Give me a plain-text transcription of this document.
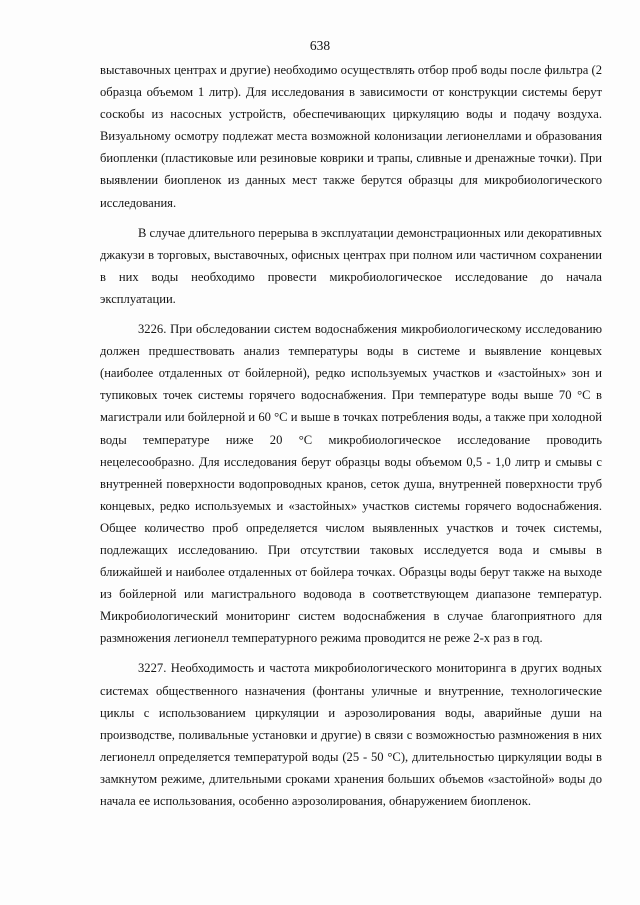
638

выставочных центрах и другие) необходимо осуществлять отбор проб воды после фильтра (2 образца объемом 1 литр). Для исследования в зависимости от конструкции системы берут соскобы из насосных устройств, обеспечивающих циркуляцию воды и подачу воздуха. Визуальному осмотру подлежат места возможной колонизации легионеллами и образования биопленки (пластиковые или резиновые коврики и трапы, сливные и дренажные точки). При выявлении биопленок из данных мест также берутся образцы для микробиологического исследования.

В случае длительного перерыва в эксплуатации демонстрационных или декоративных джакузи в торговых, выставочных, офисных центрах при полном или частичном сохранении в них воды необходимо провести микробиологическое исследование до начала эксплуатации.

3226. При обследовании систем водоснабжения микробиологическому исследованию должен предшествовать анализ температуры воды в системе и выявление концевых (наиболее отдаленных от бойлерной), редко используемых участков и «застойных» зон и тупиковых точек системы горячего водоснабжения. При температуре воды выше 70 °С в магистрали или бойлерной и 60 °С и выше в точках потребления воды, а также при холодной воды температуре ниже 20 °С микробиологическое исследование проводить нецелесообразно. Для исследования берут образцы воды объемом 0,5 - 1,0 литр и смывы с внутренней поверхности водопроводных кранов, сеток душа, внутренней поверхности труб концевых, редко используемых и «застойных» участков системы горячего водоснабжения. Общее количество проб определяется числом выявленных участков и точек системы, подлежащих исследованию. При отсутствии таковых исследуется вода и смывы в ближайшей и наиболее отдаленных от бойлера точках. Образцы воды берут также на выходе из бойлерной или магистрального водовода в соответствующем диапазоне температур. Микробиологический мониторинг систем водоснабжения в случае благоприятного для размножения легионелл температурного режима проводится не реже 2-х раз в год.

3227. Необходимость и частота микробиологического мониторинга в других водных системах общественного назначения (фонтаны уличные и внутренние, технологические циклы с использованием циркуляции и аэрозолирования воды, аварийные души на производстве, поливальные установки и другие) в связи с возможностью размножения в них легионелл определяется температурой воды (25 - 50 °С), длительностью циркуляции воды в замкнутом режиме, длительными сроками хранения больших объемов «застойной» воды до начала ее использования, особенно аэрозолирования, обнаружением биопленок.
